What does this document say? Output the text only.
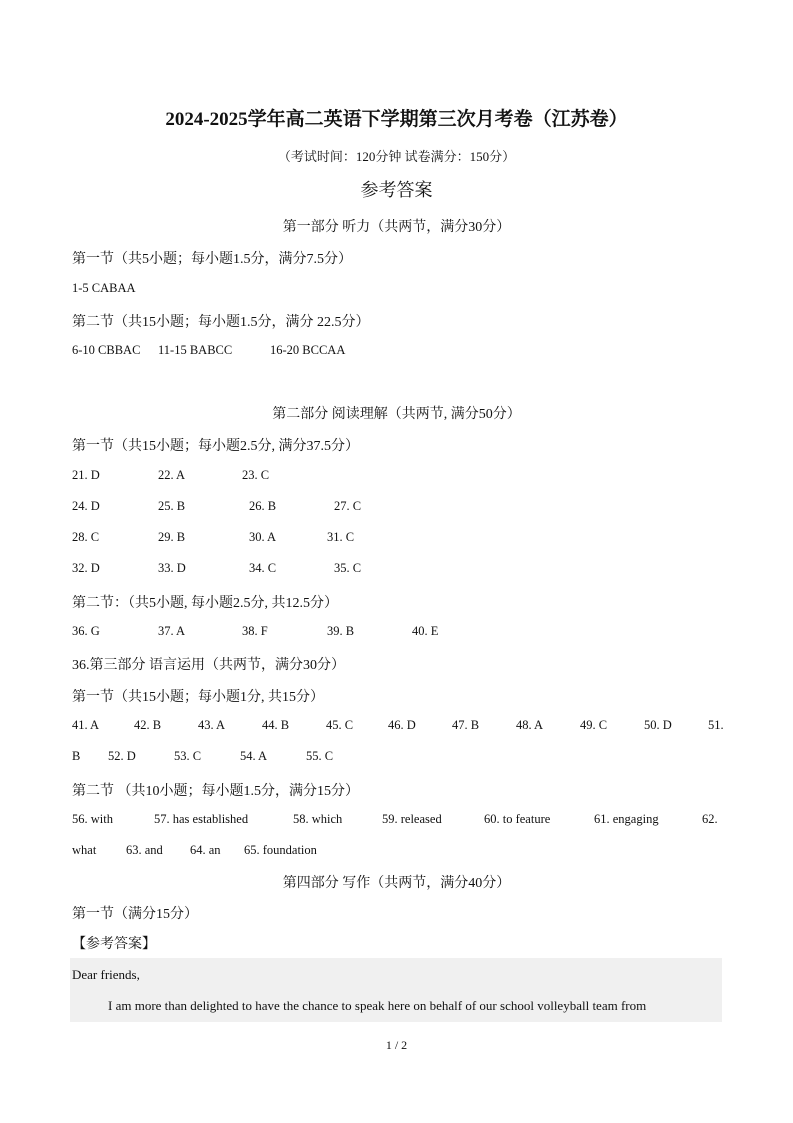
2024-2025学年高二英语下学期第三次月考卷（江苏卷）
（考试时间：120分钟 试卷满分：150分）
参考答案
第一部分 听力（共两节，满分30分）
第一节（共5小题；每小题1.5分，满分7.5分）
1-5 CABAA
第二节（共15小题；每小题1.5分，满分 22.5分）
6-10 CBBAC 11-15 BABCC	16-20 BCCAA
第二部分 阅读理解（共两节, 满分50分）
第一节（共15小题；每小题2.5分, 满分37.5分）
21. D	22. A	23. C
24. D	25. B	26. B	27. C
28. C	29. B	30. A	31. C
32. D	33. D	34. C	35. C
第二节：（共5小题, 每小题2.5分, 共12.5分）
36. G	37. A	38. F	39. B	40. E
36.第三部分 语言运用（共两节，满分30分）
第一节（共15小题；每小题1分, 共15分）
41. A	42. B	43. A	44. B	45. C	46. D	47. B	48. A	49. C	50. D	51.
B 52. D	53. C	54. A	55. C
第二节 （共10小题；每小题1.5分，满分15分）
56. with	57. has established	58. which	59. released	60. to feature	61. engaging	62.
what 63. and 64. an 65. foundation
第四部分 写作（共两节，满分40分）
第一节（满分15分）
【参考答案】
Dear friends,
I am more than delighted to have the chance to speak here on behalf of our school volleyball team from
1 / 2
